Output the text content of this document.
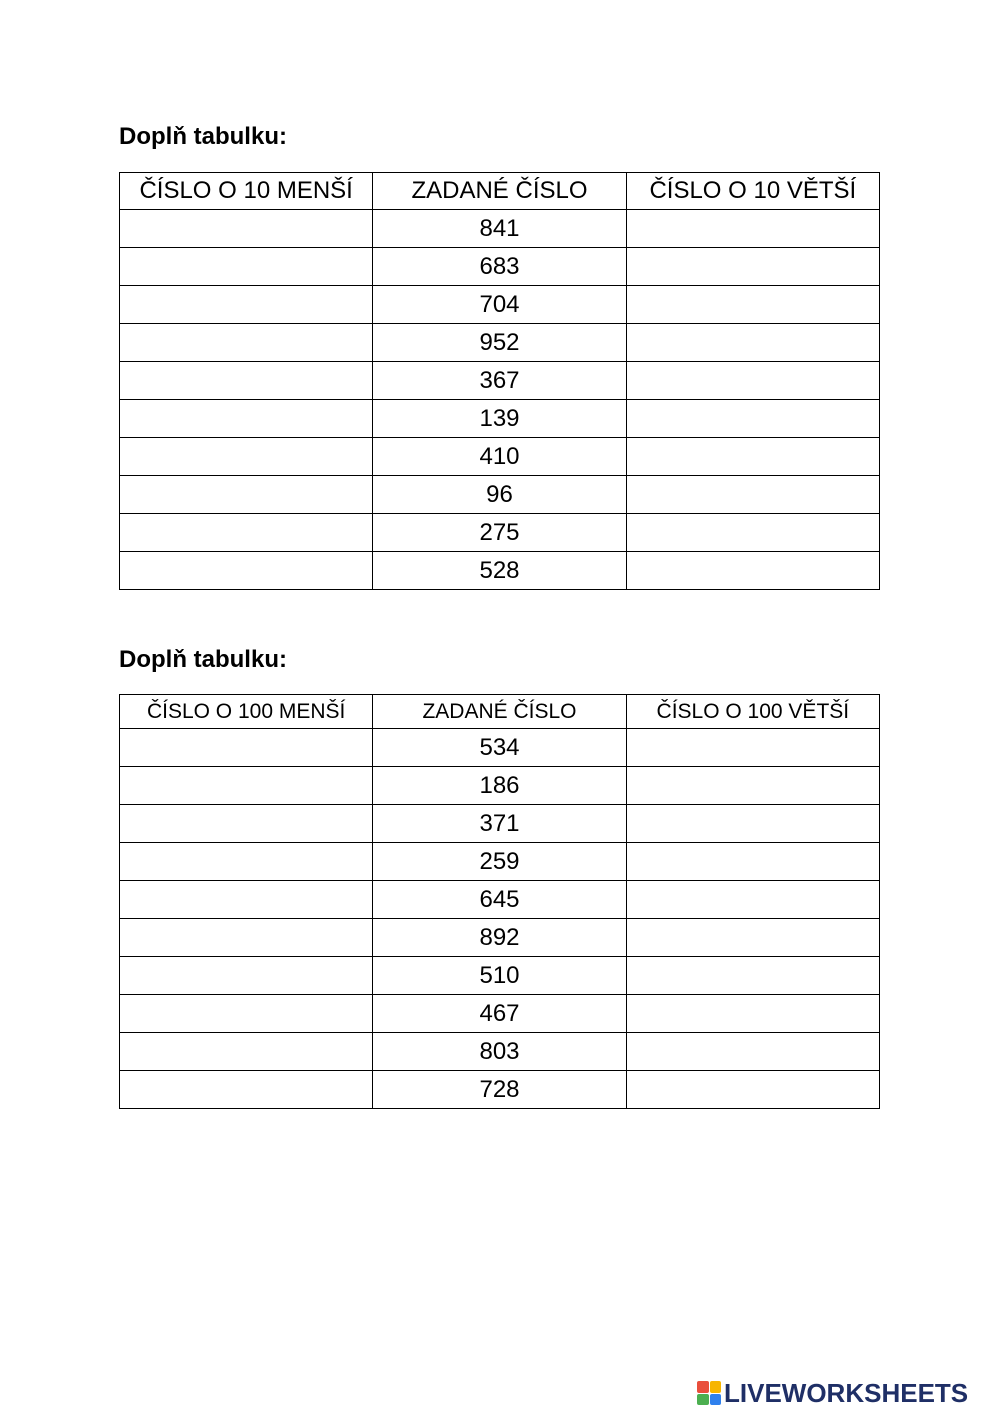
Doplň tabulku:
ČÍSLO O 10 MENŠÍ	ZADANÉ ČÍSLO	ČÍSLO O 10 VĚTŠÍ
	841	
	683	
	704	
	952	
	367	
	139	
	410	
	96	
	275	
	528	
Doplň tabulku:
ČÍSLO O 100 MENŠÍ	ZADANÉ ČÍSLO	ČÍSLO O 100 VĚTŠÍ
	534	
	186	
	371	
	259	
	645	
	892	
	510	
	467	
	803	
	728	
LIVEWORKSHEETS
